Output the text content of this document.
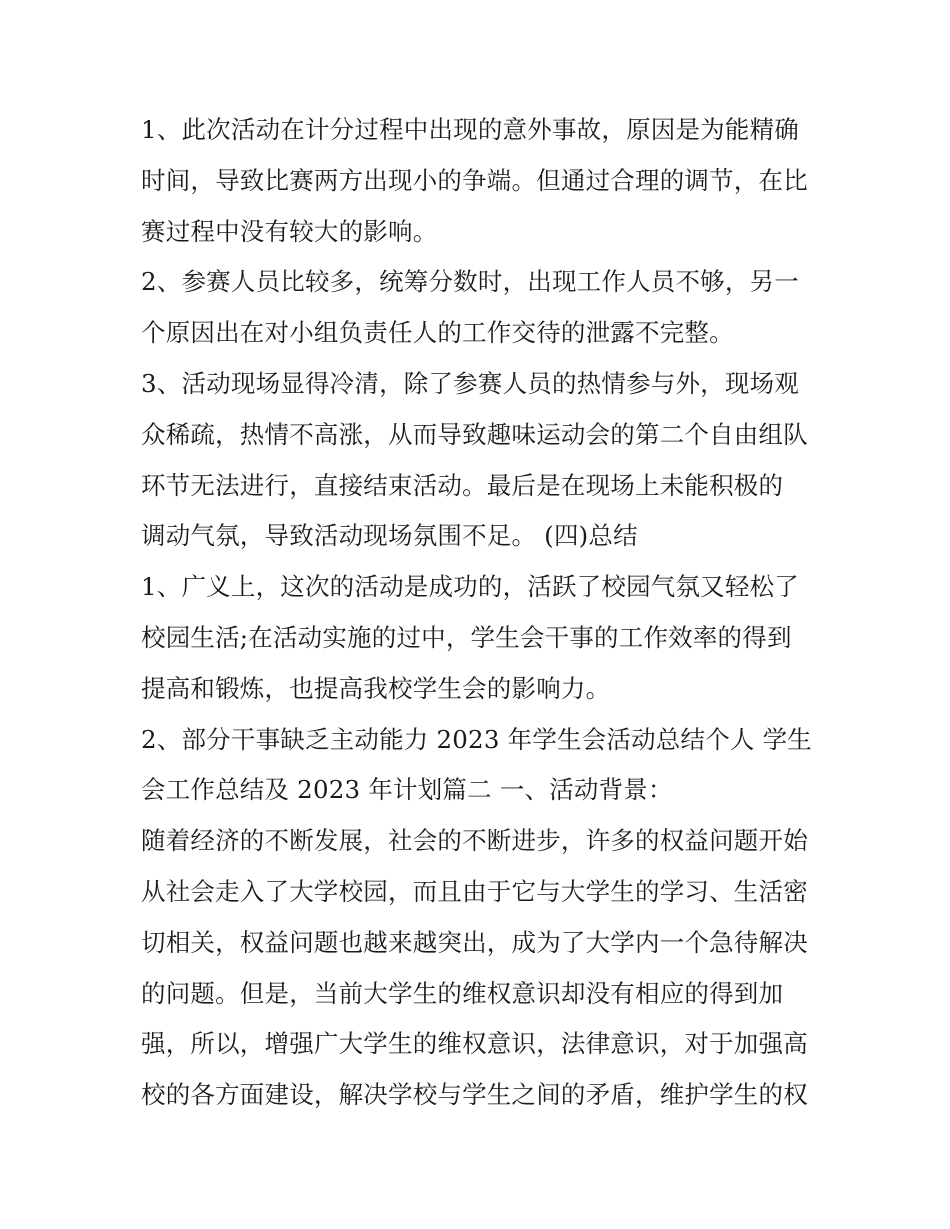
1、此次活动在计分过程中出现的意外事故，原因是为能精确
时间，导致比赛两方出现小的争端。但通过合理的调节，在比
赛过程中没有较大的影响。
2、参赛人员比较多，统筹分数时，出现工作人员不够，另一
个原因出在对小组负责任人的工作交待的泄露不完整。
3、活动现场显得冷清，除了参赛人员的热情参与外，现场观
众稀疏，热情不高涨，从而导致趣味运动会的第二个自由组队
环节无法进行，直接结束活动。最后是在现场上未能积极的
调动气氛，导致活动现场氛围不足。 (四)总结
1、广义上，这次的活动是成功的，活跃了校园气氛又轻松了
校园生活;在活动实施的过中，学生会干事的工作效率的得到
提高和锻炼，也提高我校学生会的影响力。
2、部分干事缺乏主动能力 2023 年学生会活动总结个人 学生
会工作总结及 2023 年计划篇二 一、活动背景：
随着经济的不断发展，社会的不断进步，许多的权益问题开始
从社会走入了大学校园，而且由于它与大学生的学习、生活密
切相关，权益问题也越来越突出，成为了大学内一个急待解决
的问题。但是，当前大学生的维权意识却没有相应的得到加
强，所以，增强广大学生的维权意识，法律意识，对于加强高
校的各方面建设，解决学校与学生之间的矛盾，维护学生的权
